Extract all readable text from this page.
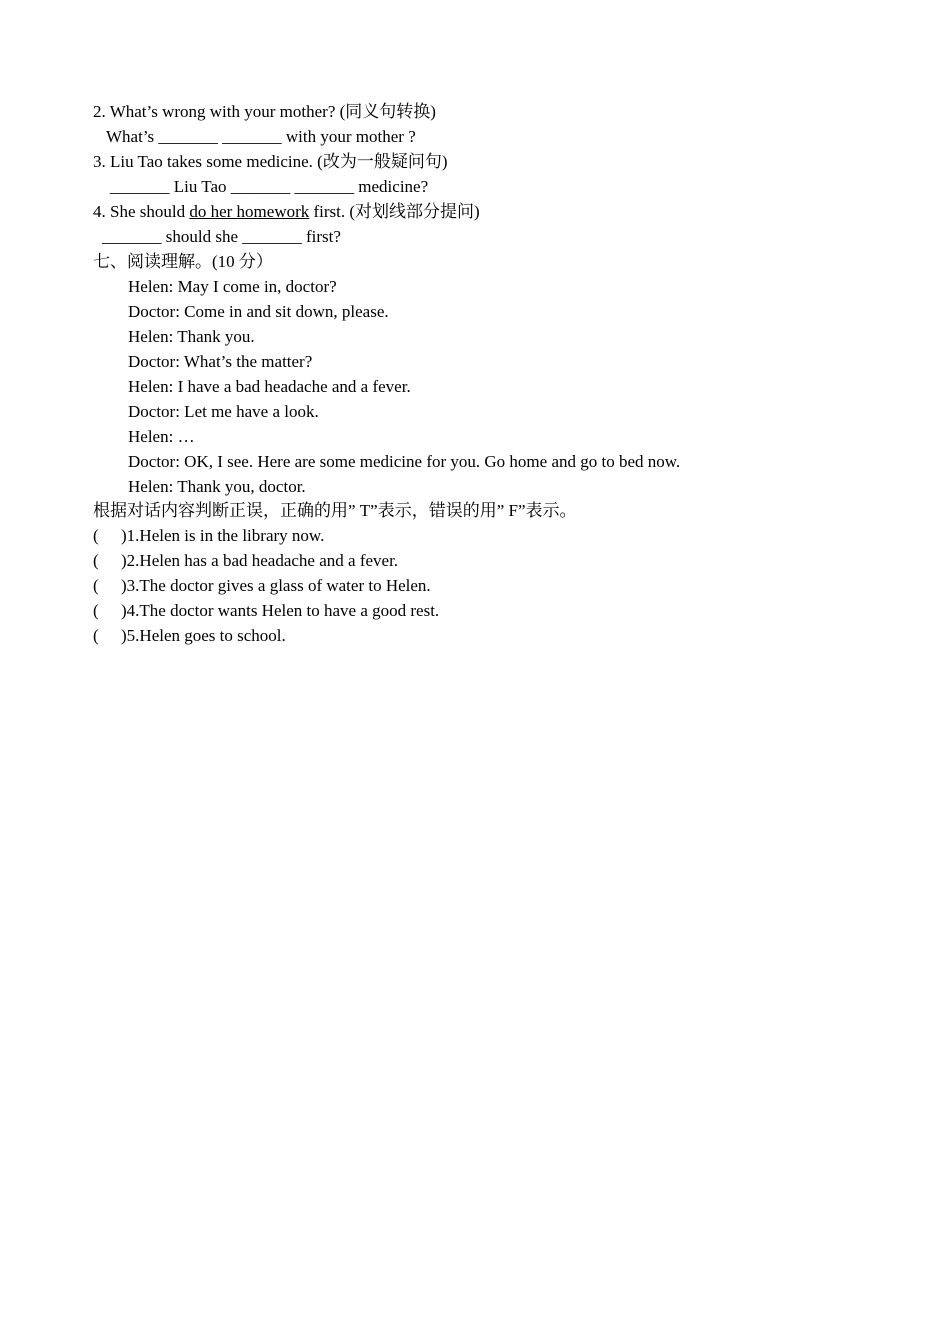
2. What’s wrong with your mother? (同义句转换)
What’s _______ _______ with your mother ?
3. Liu Tao takes some medicine. (改为一般疑问句)
_______ Liu Tao _______ _______ medicine?
4. She should do her homework first. (对划线部分提问)
_______ should she _______ first?
七、阅读理解。(10 分）
Helen: May I come in, doctor?
Doctor: Come in and sit down, please.
Helen: Thank you.
Doctor: What’s the matter?
Helen: I have a bad headache and a fever.
Doctor: Let me have a look.
Helen: …
Doctor: OK, I see. Here are some medicine for you. Go home and go to bed now.
Helen: Thank you, doctor.
根据对话内容判断正误，正确的用” T”表示，错误的用” F”表示。
( )1.Helen is in the library now.
( )2.Helen has a bad headache and a fever.
( )3.The doctor gives a glass of water to Helen.
( )4.The doctor wants Helen to have a good rest.
( )5.Helen goes to school.
